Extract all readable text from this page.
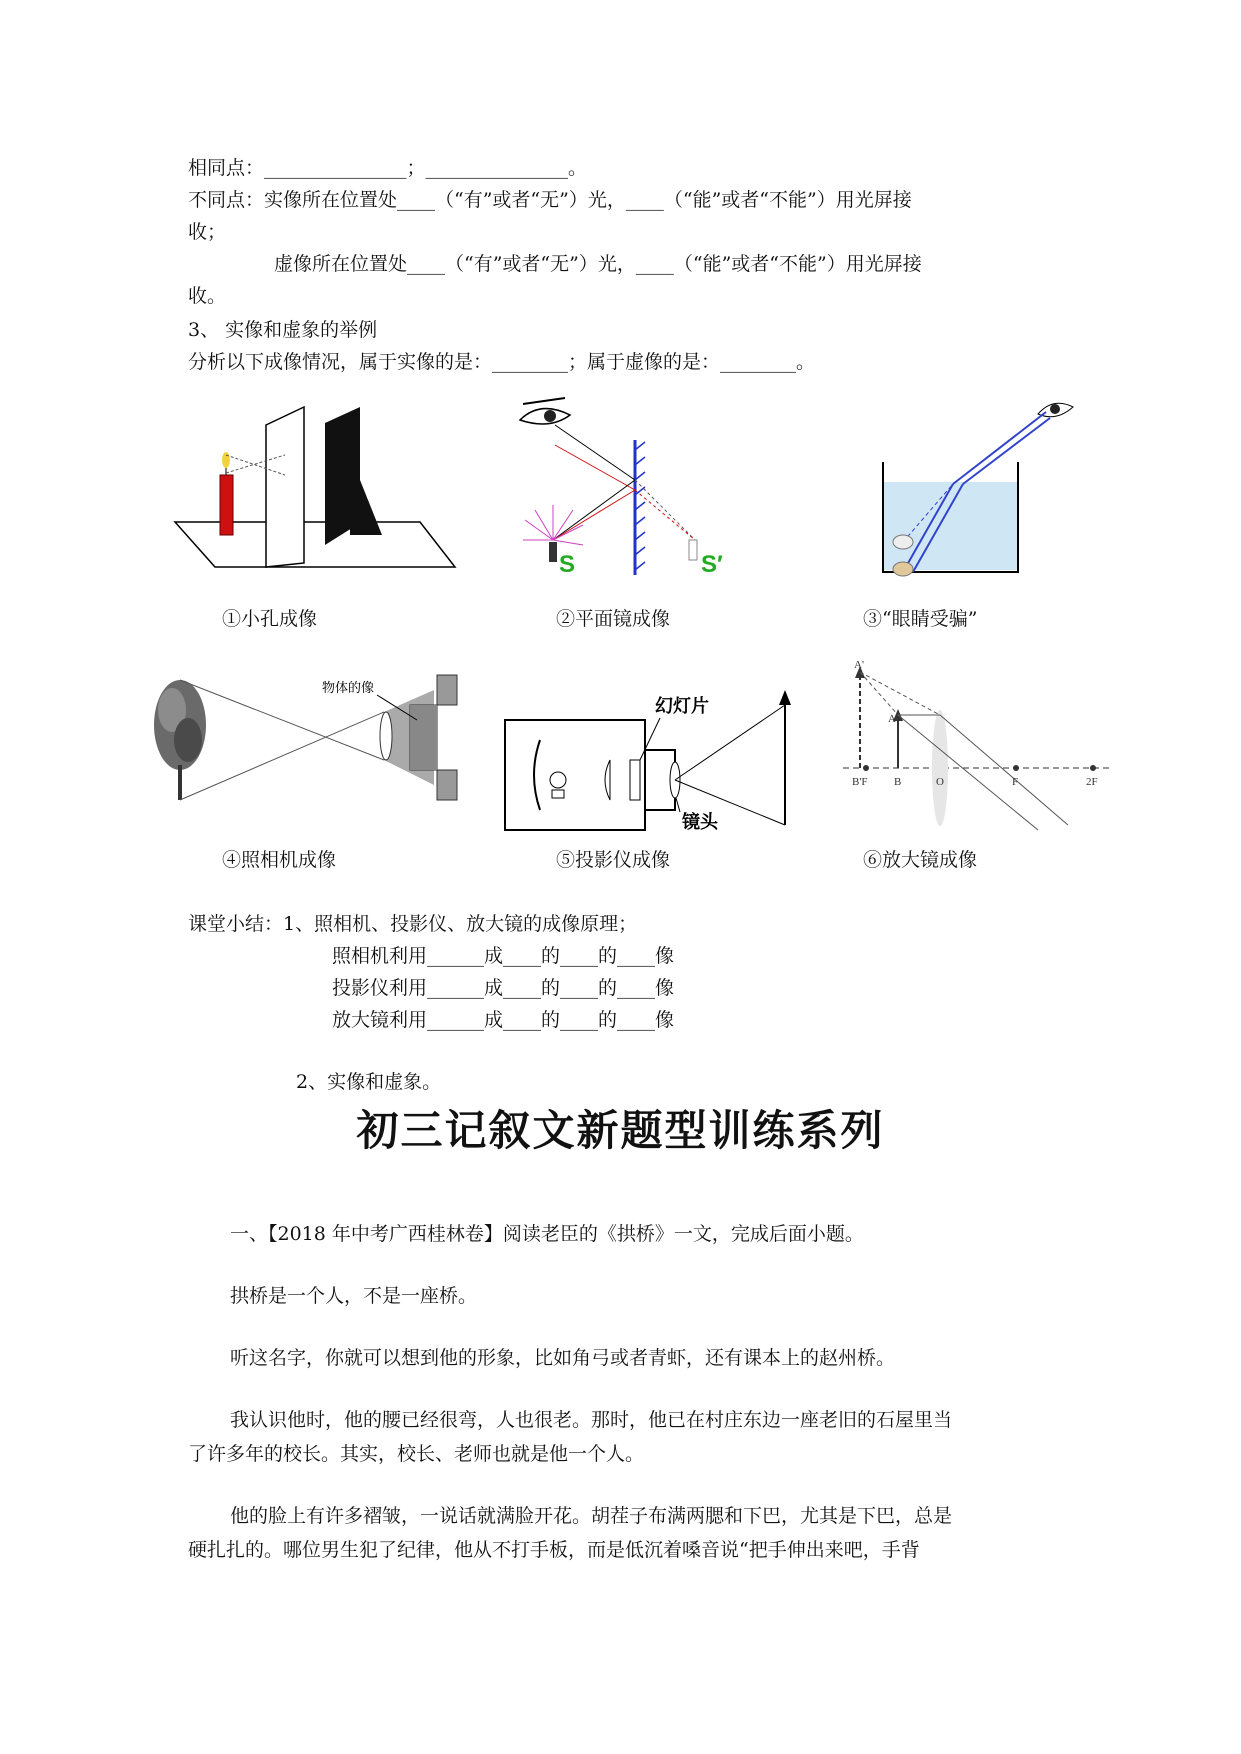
相同点：_______________；_______________。
不同点：实像所在位置处____（“有”或者“无”）光，____（“能”或者“不能”）用光屏接
收；
虚像所在位置处____（“有”或者“无”）光，____（“能”或者“不能”）用光屏接
收。
3、 实像和虚象的举例
分析以下成像情况，属于实像的是：________；属于虚像的是：________。
①小孔成像
S	S′
②平面镜成像	③“眼睛受骗”
物体的像
④照相机成像
幻灯片
镜头
⑤投影仪成像
A'
A
B'F B	O	F	2F
⑥放大镜成像
课堂小结：1、照相机、投影仪、放大镜的成像原理；
照相机利用______成____的____的____像
投影仪利用______成____的____的____像
放大镜利用______成____的____的____像
2、实像和虚象。
初三记叙文新题型训练系列
一、【2018 年中考广西桂林卷】阅读老臣的《拱桥》一文，完成后面小题。
拱桥是一个人，不是一座桥。
听这名字，你就可以想到他的形象，比如角弓或者青虾，还有课本上的赵州桥。
我认识他时，他的腰已经很弯，人也很老。那时，他已在村庄东边一座老旧的石屋里当
了许多年的校长。其实，校长、老师也就是他一个人。
他的脸上有许多褶皱，一说话就满脸开花。胡茬子布满两腮和下巴，尤其是下巴，总是
硬扎扎的。哪位男生犯了纪律，他从不打手板，而是低沉着嗓音说“把手伸出来吧，手背
